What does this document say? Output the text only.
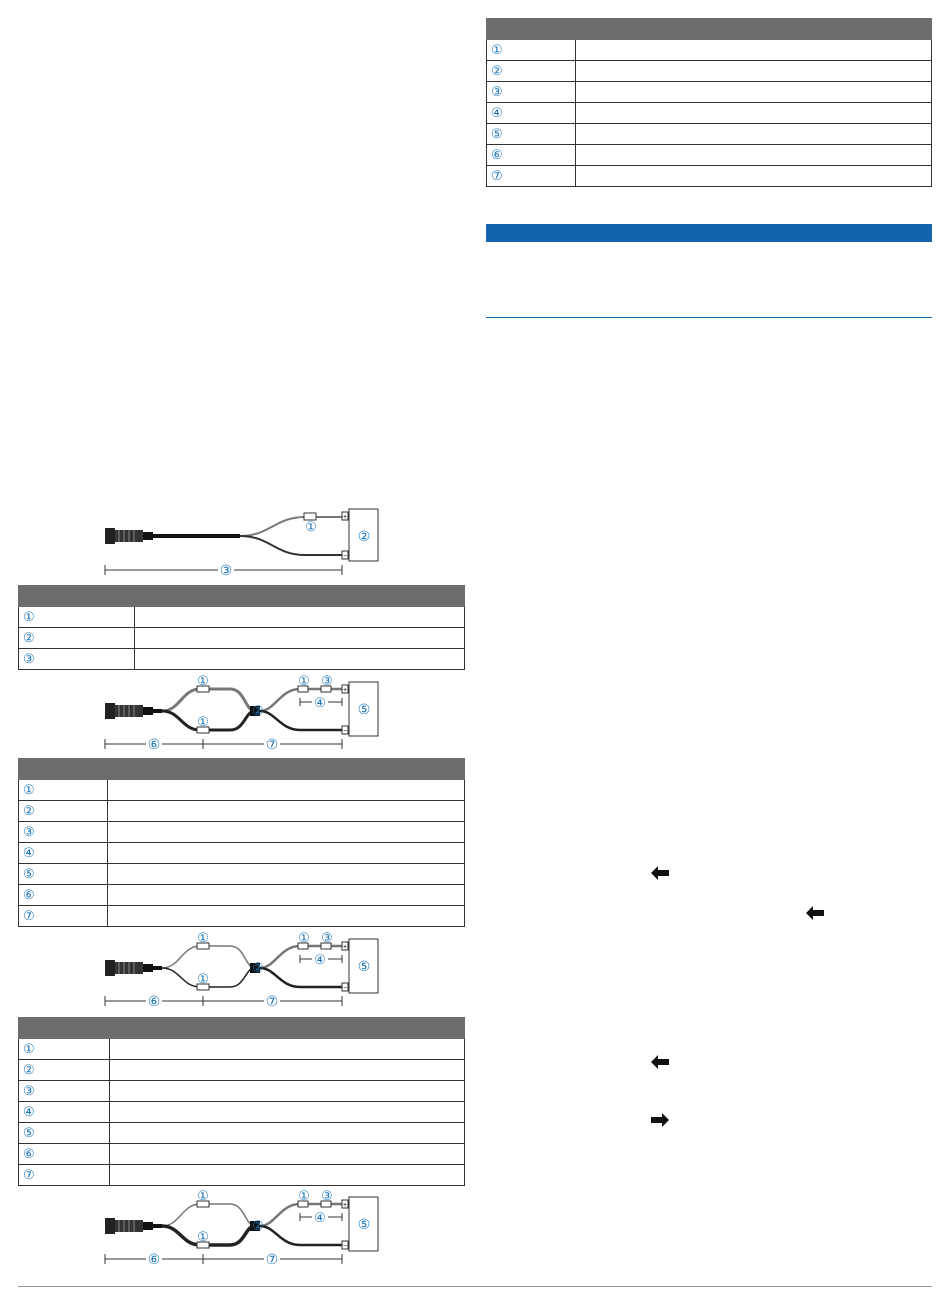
①	
②	
③	
④	
⑤	
⑥	
⑦	
+
−
①
②
③

①	
②	
③	
+
−
①
①
②
① ③
④ ⑤
⑥	⑦

①	
②	
③	
④	
⑤	
⑥	
⑦	
+
−
①
①
②
① ③
④ ⑤
⑥	⑦

①	
②	
③	
④	
⑤	
⑥	
⑦	
+
−
①
①
②
① ③
④ ⑤
⑥	⑦
